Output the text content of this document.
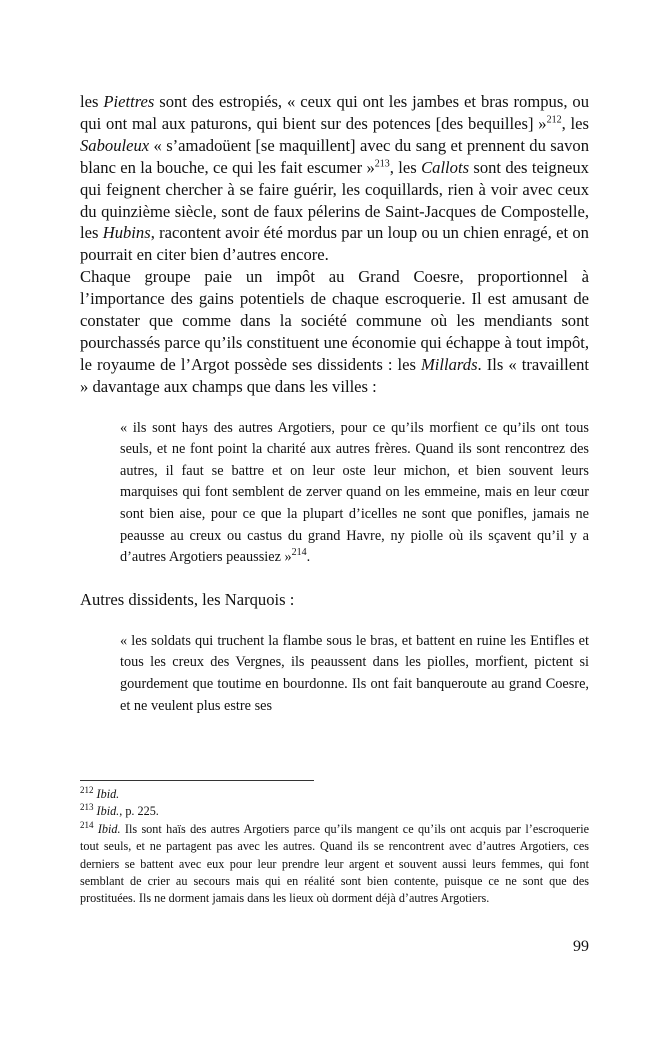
les Piettres sont des estropiés, « ceux qui ont les jambes et bras rompus, ou qui ont mal aux paturons, qui bient sur des potences [des bequilles] »$^{212}$, les Sabouleux « s’amadoüent [se maquillent] avec du sang et prennent du savon blanc en la bouche, ce qui les fait escumer »$^{213}$, les Callots sont des teigneux qui feignent chercher à se faire guérir, les coquillards, rien à voir avec ceux du quinzième siècle, sont de faux pélerins de Saint-Jacques de Compostelle, les Hubins, racontent avoir été mordus par un loup ou un chien enragé, et on pourrait en citer bien d’autres encore.

Chaque groupe paie un impôt au Grand Coesre, proportionnel à l’importance des gains potentiels de chaque escroquerie. Il est amusant de constater que comme dans la société commune où les mendiants sont pourchassés parce qu’ils constituent une économie qui échappe à tout impôt, le royaume de l’Argot possède ses dissidents : les Millards. Ils « travaillent » davantage aux champs que dans les villes :

« ils sont hays des autres Argotiers, pour ce qu’ils morfient ce qu’ils ont tous seuls, et ne font point la charité aux autres frères. Quand ils sont rencontrez des autres, il faut se battre et on leur oste leur michon, et bien souvent leurs marquises qui font semblent de zerver quand on les emmeine, mais en leur cœur sont bien aise, pour ce que la plupart d’icelles ne sont que ponifles, jamais ne peausse au creux ou castus du grand Havre, ny piolle où ils sçavent qu’il y a d’autres Argotiers peaussiez »$^{214}$.

Autres dissidents, les Narquois :

« les soldats qui truchent la flambe sous le bras, et battent en ruine les Entifles et tous les creux des Vergnes, ils peaussent dans les piolles, morfient, pictent si gourdement que toutime en bourdonne. Ils ont fait banqueroute au grand Coesre, et ne veulent plus estre ses

$^{212}$ Ibid.

$^{213}$ Ibid., p. 225.

$^{214}$ Ibid. Ils sont haïs des autres Argotiers parce qu’ils mangent ce qu’ils ont acquis par l’escroquerie tout seuls, et ne partagent pas avec les autres. Quand ils se rencontrent avec d’autres Argotiers, ces derniers se battent avec eux pour leur prendre leur argent et souvent aussi leurs femmes, qui font semblant de crier au secours mais qui en réalité sont bien contente, puisque ce ne sont que des prostituées. Ils ne dorment jamais dans les lieux où dorment déjà d’autres Argotiers.

99
